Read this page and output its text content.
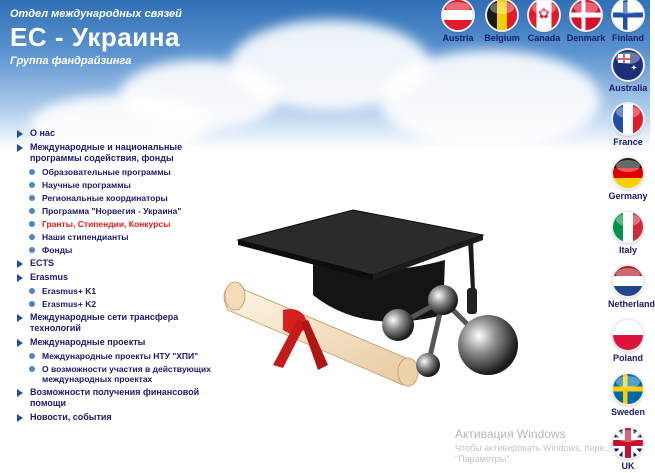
Отдел международных связей
ЕС - Украина
Группа фандрайзинга
О нас
Международные и национальные программы содействия, фонды
Образовательные программы
Научные программы
Региональные координаторы
Программа "Норвегия - Украина"
Гранты, Стипендии, Конкурсы
Наши стипендианты
Фонды
ECTS
Erasmus
Erasmus+ K1
Erasmus+ K2
Международные сети трансфера технологий
Международные проекты
Международные проекты НТУ "ХПИ"
О возможности участия в действующих международных проектах
Возможности получения финансовой помощи
Новости, события
Austria	Belgium
✿
Canada Denmark Finland
✦
Australia
France
Germany
Italy
Netherland
Poland
Sweden
UK
Активация Windows
Чтобы активировать Windows, пере... "Параметры".
